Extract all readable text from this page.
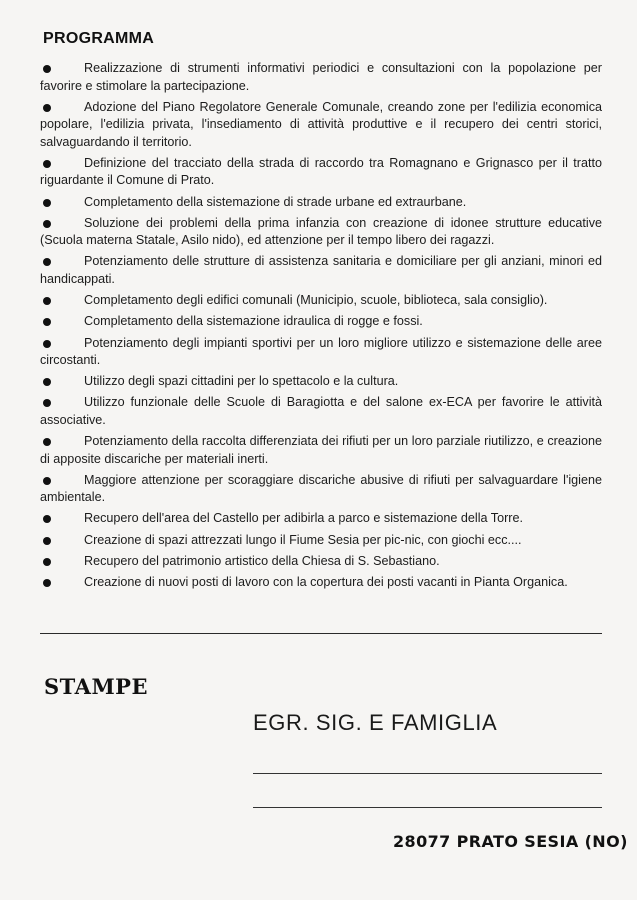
PROGRAMMA
Realizzazione di strumenti informativi periodici e consultazioni con la popolazione per favorire e stimolare la partecipazione.
Adozione del Piano Regolatore Generale Comunale, creando zone per l'edilizia economica popolare, l'edilizia privata, l'insediamento di attività produttive e il recupero dei centri storici, salvaguardando il territorio.
Definizione del tracciato della strada di raccordo tra Romagnano e Grignasco per il tratto riguardante il Comune di Prato.
Completamento della sistemazione di strade urbane ed extraurbane.
Soluzione dei problemi della prima infanzia con creazione di idonee strutture educative (Scuola materna Statale, Asilo nido), ed attenzione per il tempo libero dei ragazzi.
Potenziamento delle strutture di assistenza sanitaria e domiciliare per gli anziani, minori ed handicappati.
Completamento degli edifici comunali (Municipio, scuole, biblioteca, sala consiglio).
Completamento della sistemazione idraulica di rogge e fossi.
Potenziamento degli impianti sportivi per un loro migliore utilizzo e sistemazione delle aree circostanti.
Utilizzo degli spazi cittadini per lo spettacolo e la cultura.
Utilizzo funzionale delle Scuole di Baragiotta e del salone ex-ECA per favorire le attività associative.
Potenziamento della raccolta differenziata dei rifiuti per un loro parziale riutilizzo, e creazione di apposite discariche per materiali inerti.
Maggiore attenzione per scoraggiare discariche abusive di rifiuti per salvaguardare l'igiene ambientale.
Recupero dell'area del Castello per adibirla a parco e sistemazione della Torre.
Creazione di spazi attrezzati lungo il Fiume Sesia per pic-nic, con giochi ecc....
Recupero del patrimonio artistico della Chiesa di S. Sebastiano.
Creazione di nuovi posti di lavoro con la copertura dei posti vacanti in Pianta Organica.
STAMPE
EGR. SIG. E FAMIGLIA
28077 PRATO SESIA (NO)
